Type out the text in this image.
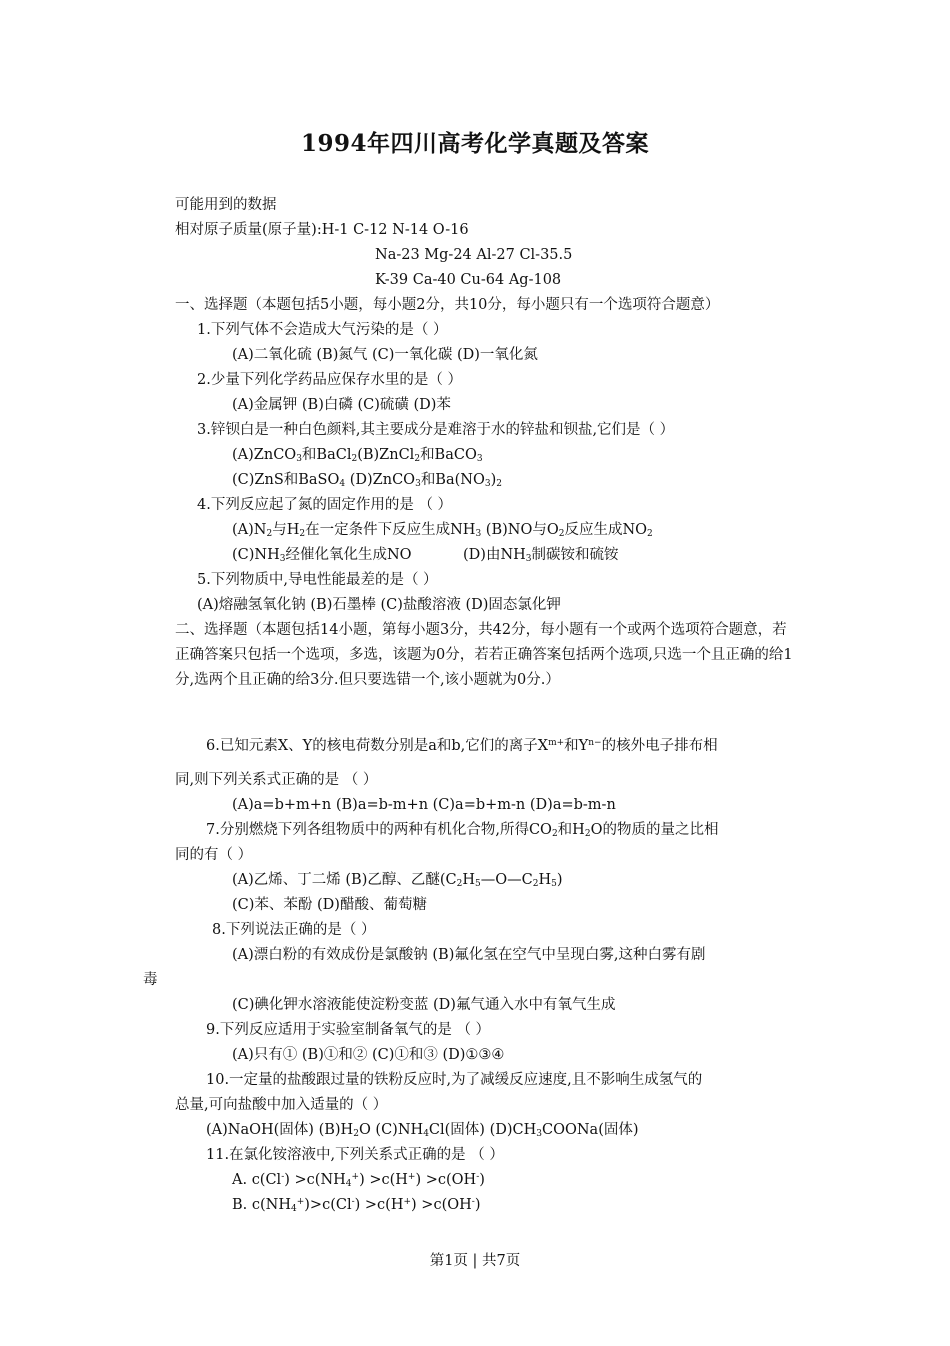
1994年四川高考化学真题及答案
可能用到的数据
相对原子质量(原子量):H-1 C-12 N-14 O-16
Na-23 Mg-24 Al-27 Cl-35.5
K-39 Ca-40 Cu-64 Ag-108
一、选择题（本题包括5小题，每小题2分，共10分，每小题只有一个选项符合题意）
1.下列气体不会造成大气污染的是（ ）
(A)二氧化硫 (B)氮气 (C)一氧化碳 (D)一氧化氮
2.少量下列化学药品应保存水里的是（ ）
(A)金属钾 (B)白磷 (C)硫磺 (D)苯
3.锌钡白是一种白色颜料,其主要成分是难溶于水的锌盐和钡盐,它们是（ ）
(A)ZnCO$_3$和BaCl$_2$(B)ZnCl$_2$和BaCO$_3$
(C)ZnS和BaSO$_4$ (D)ZnCO$_3$和$Ba(NO_3)_2$
4.下列反应起了氮的固定作用的是 （ ）
$(A)N_2$与$H_2$在一定条件下反应生成$NH_3$ (B)NO与$O_2$反应生成$NO_2$
$(C)NH_3$经催化氧化生成NO	(D)由$NH_3$制碳铵和硫铵
5.下列物质中,导电性能最差的是（ ）
(A)熔融氢氧化钠 (B)石墨棒 (C)盐酸溶液 (D)固态氯化钾
二、选择题（本题包括14小题，第每小题3分，共42分，每小题有一个或两个选项符合题意，若正确答案只包括一个选项，多选，该题为0分，若若正确答案包括两个选项,只选一个且正确的给1分,选两个且正确的给3分.但只要选错一个,该小题就为0分.）
6.已知元素X、Y的核电荷数分别是a和b,它们的离子$X^{m+}$和$Y^{n-}$的核外电子排布相
同,则下列关系式正确的是 （ ）
(A)a=b+m+n (B)a=b-m+n (C)a=b+m-n (D)a=b-m-n
7.分别燃烧下列各组物质中的两种有机化合物,所得$CO_2$和$H_2O$的物质的量之比相
同的有（ ）
(A)乙烯、丁二烯 (B)乙醇、乙醚$(C_2H_5—O—C_2H_5)$
(C)苯、苯酚 (D)醋酸、葡萄糖
8.下列说法正确的是（ ）
(A)漂白粉的有效成份是氯酸钠 (B)氟化氢在空气中呈现白雾,这种白雾有剧
毒
(C)碘化钾水溶液能使淀粉变蓝 (D)氟气通入水中有氧气生成
9.下列反应适用于实验室制备氧气的是 （ ）
(A)只有① (B)①和② (C)①和③ (D)①③④
10.一定量的盐酸跟过量的铁粉反应时,为了减缓反应速度,且不影响生成氢气的
总量,可向盐酸中加入适量的（ ）
(A)NaOH(固体) $(B)H_2O$ $(C)NH_4Cl$(固体) $(D)CH_3COONa$(固体)
11.在氯化铵溶液中,下列关系式正确的是 （ ）
A. $c(Cl^-) >c(NH_4^+) >c(H^+) >c(OH^-)$
B. $c(NH_4^+)>c(Cl^-) >c(H^+) >c(OH^-)$
第1页 | 共7页
